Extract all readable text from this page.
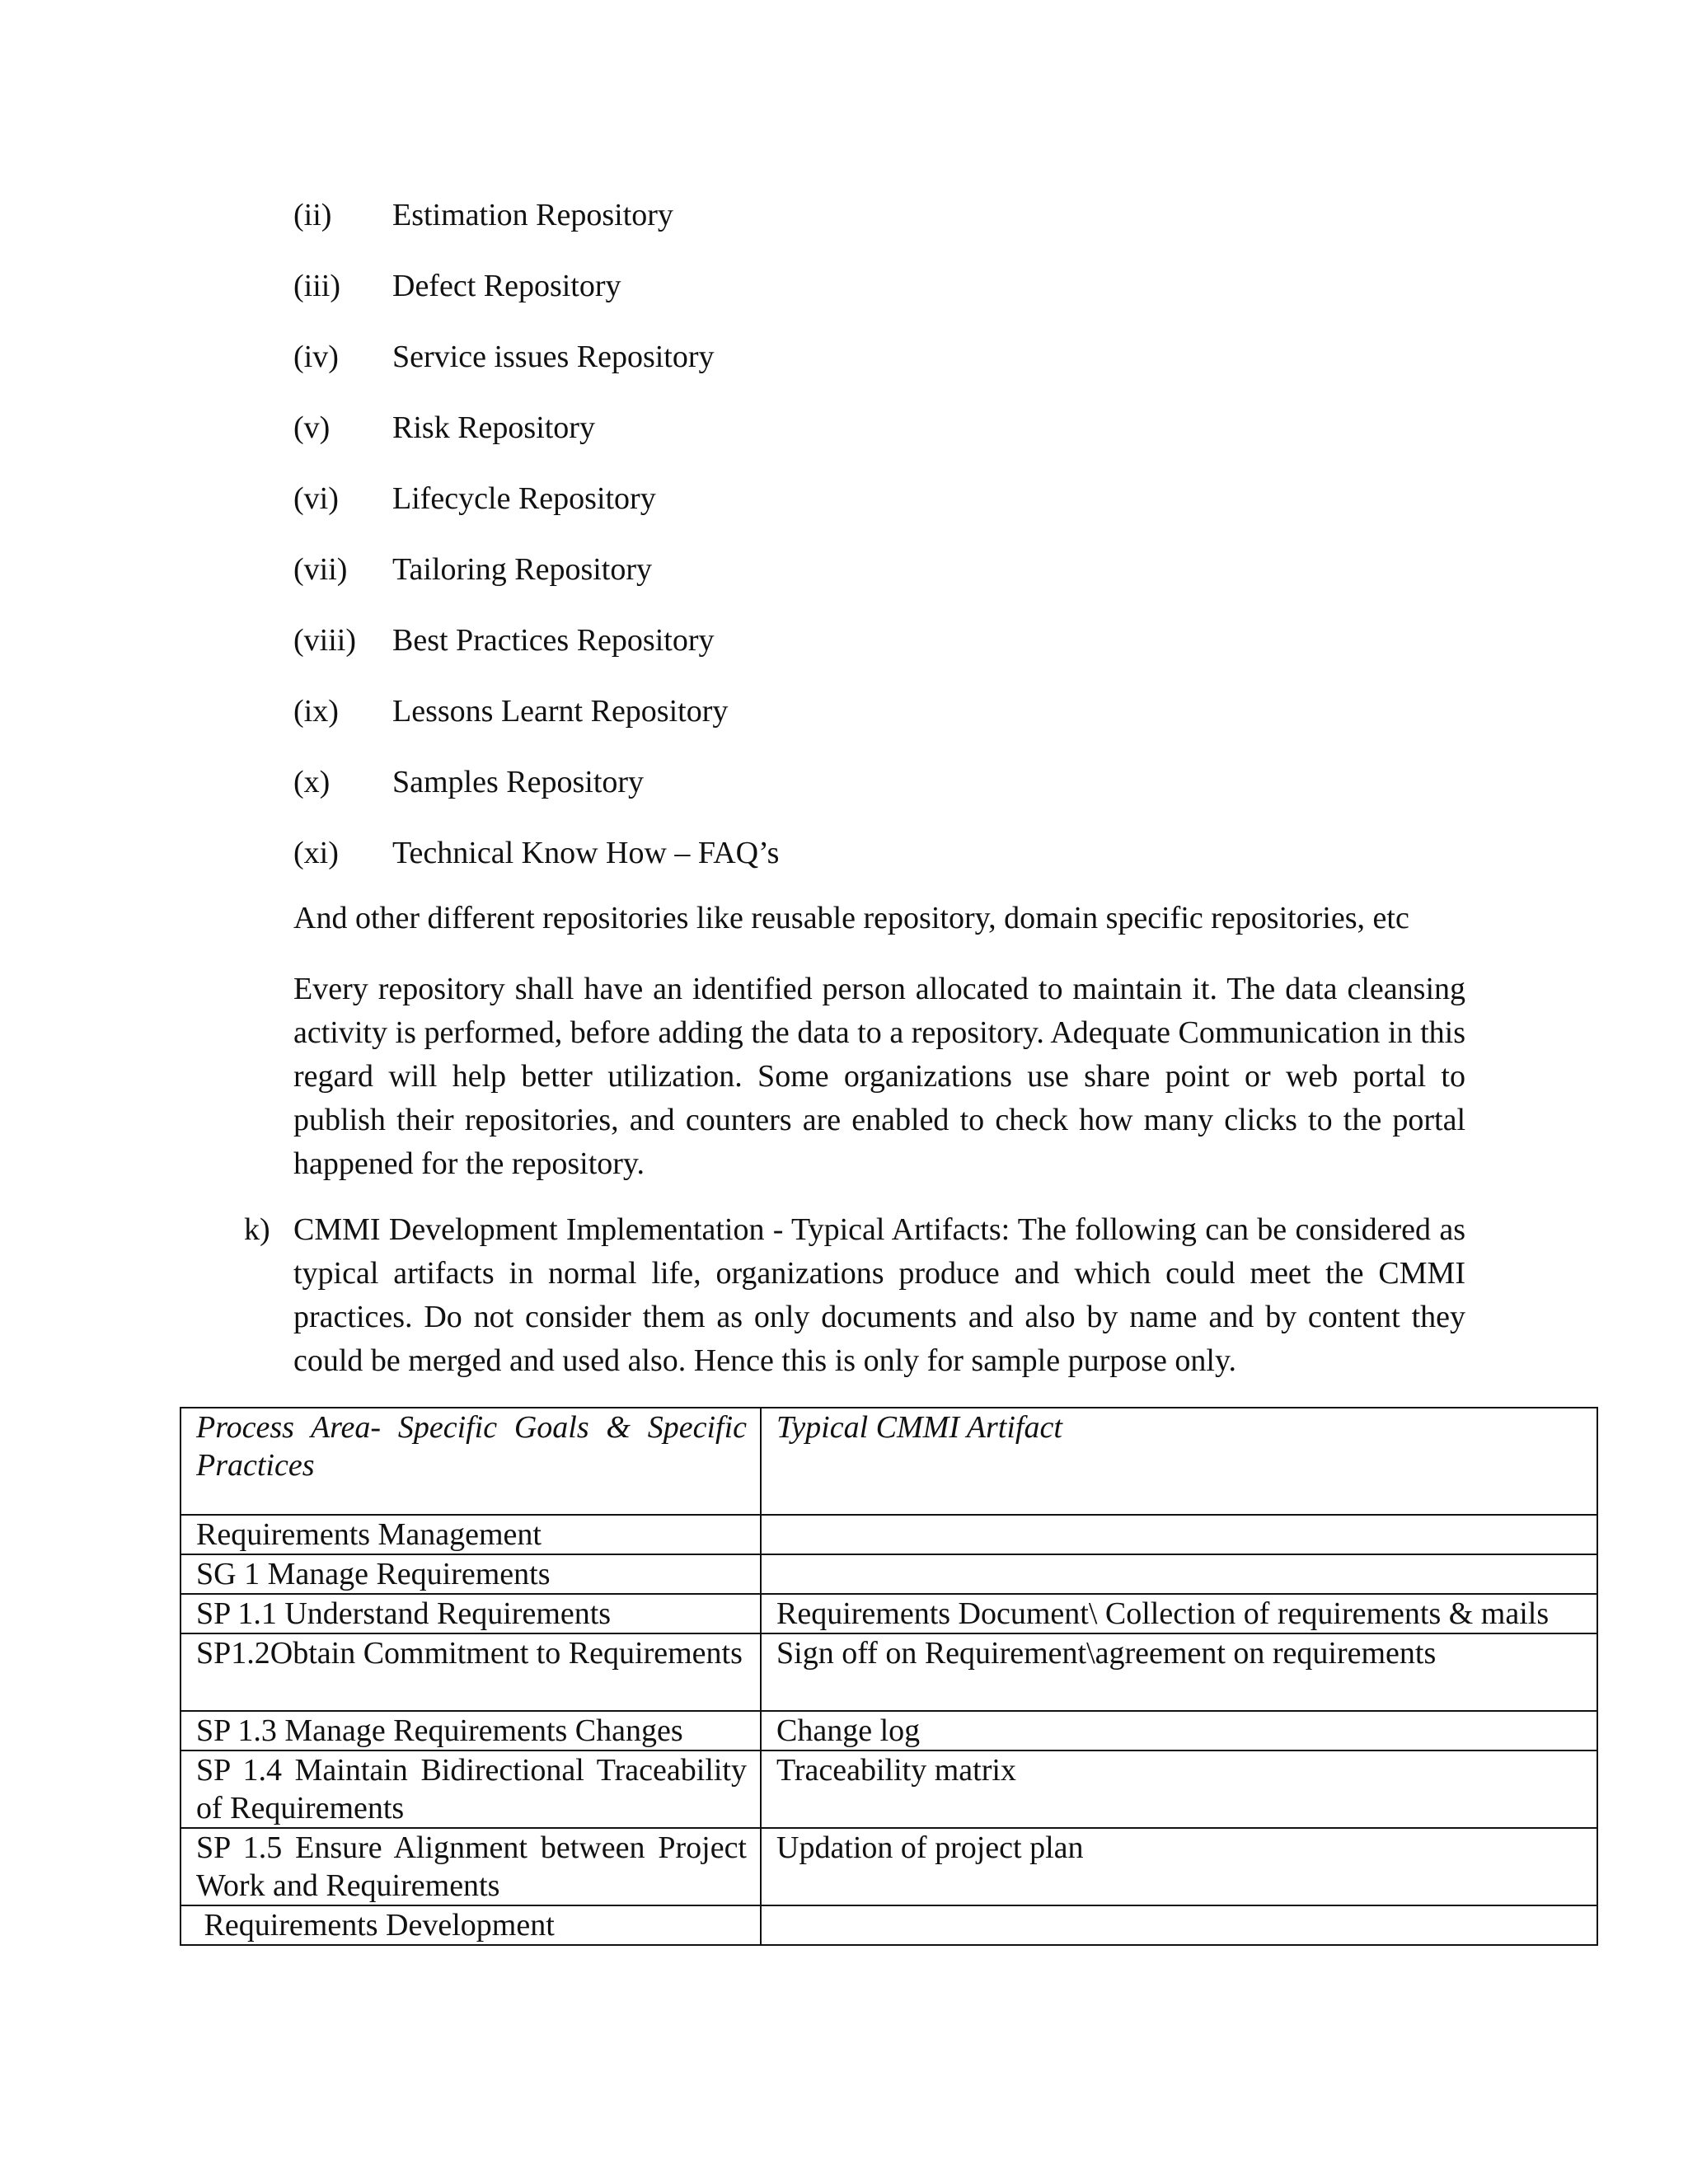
(ii)	Estimation Repository
(iii)	Defect Repository
(iv)	Service issues Repository
(v)	Risk Repository
(vi)	Lifecycle Repository
(vii)	Tailoring Repository
(viii)	Best Practices Repository
(ix)	Lessons Learnt Repository
(x)	Samples Repository
(xi)	Technical Know How – FAQ’s

And other different repositories like reusable repository, domain specific repositories, etc

Every repository shall have an identified person allocated to maintain it. The data cleansing activity is performed, before adding the data to a repository. Adequate Communication in this regard will help better utilization. Some organizations use share point or web portal to publish their repositories, and counters are enabled to check how many clicks to the portal happened for the repository.

k) CMMI Development Implementation - Typical Artifacts: The following can be considered as typical artifacts in normal life, organizations produce and which could meet the CMMI practices. Do not consider them as only documents and also by name and by content they could be merged and used also. Hence this is only for sample purpose only.

Process Area- Specific Goals & Specific Practices	Typical CMMI Artifact
Requirements Management	
SG 1 Manage Requirements	
SP 1.1 Understand Requirements	Requirements Document\ Collection of requirements & mails
SP1.2Obtain Commitment to Requirements	Sign off on Requirement\agreement on requirements
SP 1.3 Manage Requirements Changes	Change log
SP 1.4 Maintain Bidirectional Traceability of Requirements	Traceability matrix
SP 1.5 Ensure Alignment between Project Work and Requirements	Updation of project plan
Requirements Development	
